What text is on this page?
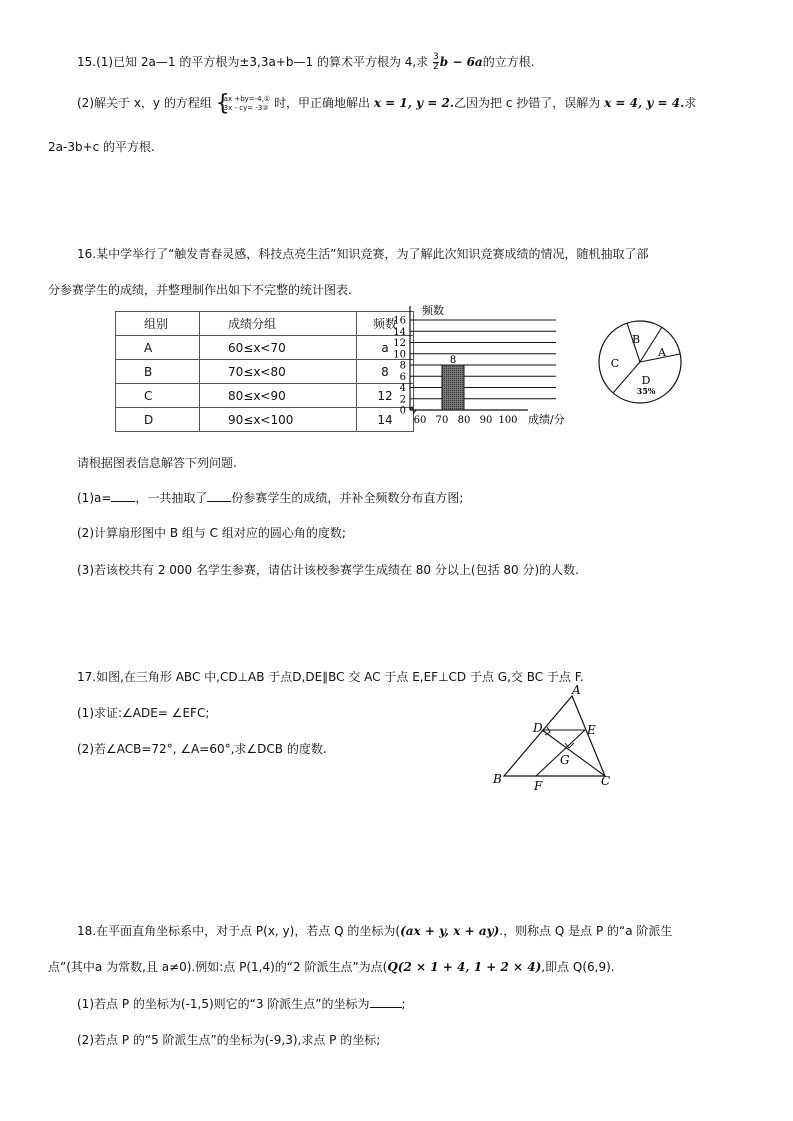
15.(1)已知 2a—1 的平方根为±3,3a+b—1 的算术平方根为 4,求 $\frac{3}{2}$ b − 6a的立方根.
(2)解关于 x，y 的方程组 {
ax +by=-4,①
3x - cy= -3② 时，甲正确地解出 x = 1, y = 2.乙因为把 c 抄错了，误解为 x = 4, y = 4.求
2a-3b+c 的平方根.
16.某中学举行了“触发青春灵感，科技点亮生活”知识竞赛，为了解此次知识竞赛成绩的情况，随机抽取了部
分参赛学生的成绩，并整理制作出如下不完整的统计图表.
组别	成绩分组	频数
A	60≤x<70	a
B	70≤x<80	8
C	80≤x<90	12
D	90≤x<100	14
0
2
4
6
8
10
12
14
16
频数
60 70 80 90 100 成绩/分
8
B
A
C
D
35%
请根据图表信息解答下列问题.
(1)a= ，一共抽取了 份参赛学生的成绩，并补全频数分布直方图;
(2)计算扇形图中 B 组与 C 组对应的圆心角的度数;
(3)若该校共有 2 000 名学生参赛，请估计该校参赛学生成绩在 80 分以上(包括 80 分)的人数.
17.如图,在三角形 ABC 中,CD⊥AB 于点D,DE∥BC 交 AC 于点 E,EF⊥CD 于点 G,交 BC 于点 F.
(1)求证:∠ADE= ∠EFC;
(2)若∠ACB=72°, ∠A=60°,求∠DCB 的度数.
A
D	E
G
B	F	C
18.在平面直角坐标系中，对于点 P(x, y)，若点 Q 的坐标为((ax + y, x + ay).，则称点 Q 是点 P 的“a 阶派生
点”(其中a 为常数,且 a≠0).例如:点 P(1,4)的“2 阶派生点”为点(Q(2 × 1 + 4, 1 + 2 × 4),即点 Q(6,9).
(1)若点 P 的坐标为(-1,5)则它的“3 阶派生点”的坐标为	;
(2)若点 P 的“5 阶派生点”的坐标为(-9,3),求点 P 的坐标;
